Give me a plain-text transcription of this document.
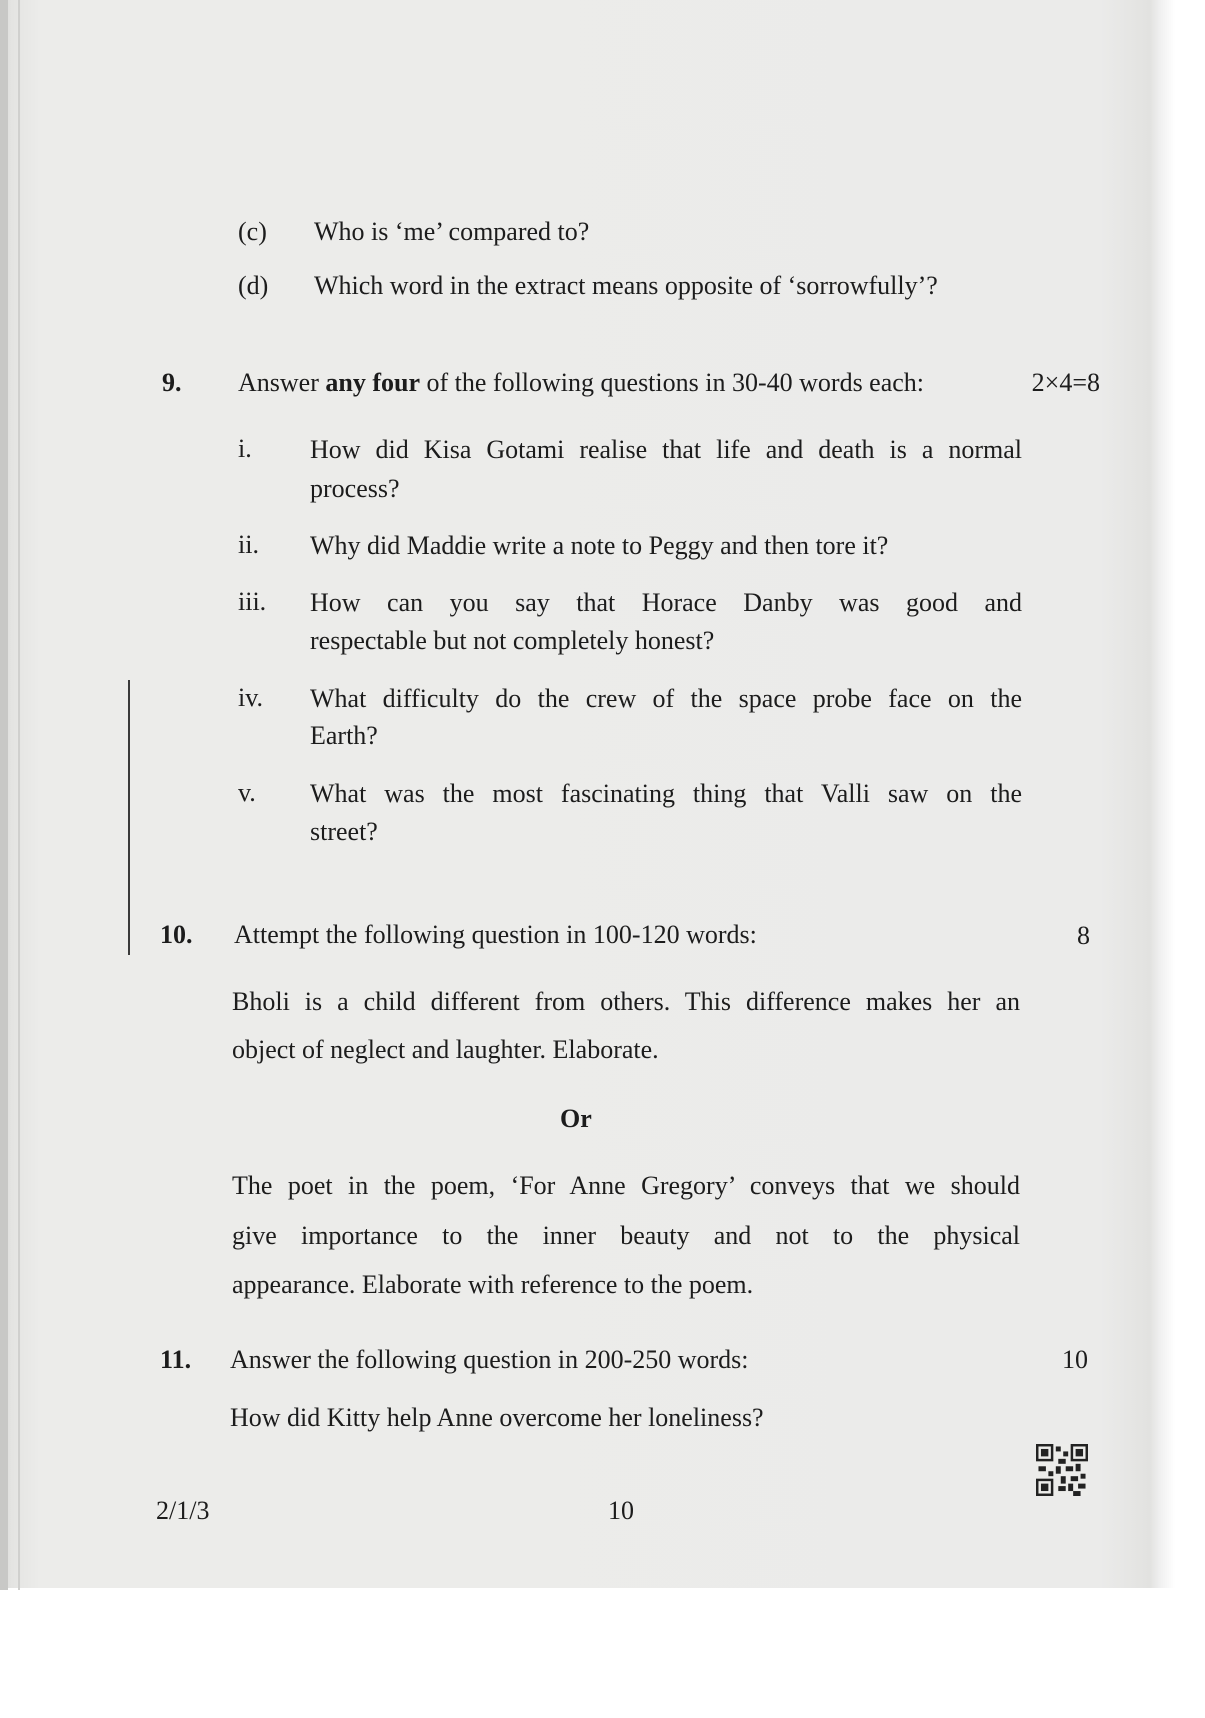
(c) Who is ‘me’ compared to?
(d) Which word in the extract means opposite of ‘sorrowfully’?
9. Answer any four of the following questions in 30-40 words each:	2×4=8
i. How did Kisa Gotami realise that life and death is a normal
process?
ii. Why did Maddie write a note to Peggy and then tore it?
iii. How can you say that Horace Danby was good and
respectable but not completely honest?
iv. What difficulty do the crew of the space probe face on the
Earth?
v. What was the most fascinating thing that Valli saw on the
street?
10. Attempt the following question in 100-120 words:	8
Bholi is a child different from others. This difference makes her an
object of neglect and laughter. Elaborate.
Or
The poet in the poem, ‘For Anne Gregory’ conveys that we should
give importance to the inner beauty and not to the physical
appearance. Elaborate with reference to the poem.
11. Answer the following question in 200-250 words:	10
How did Kitty help Anne overcome her loneliness?
2/1/3	10
